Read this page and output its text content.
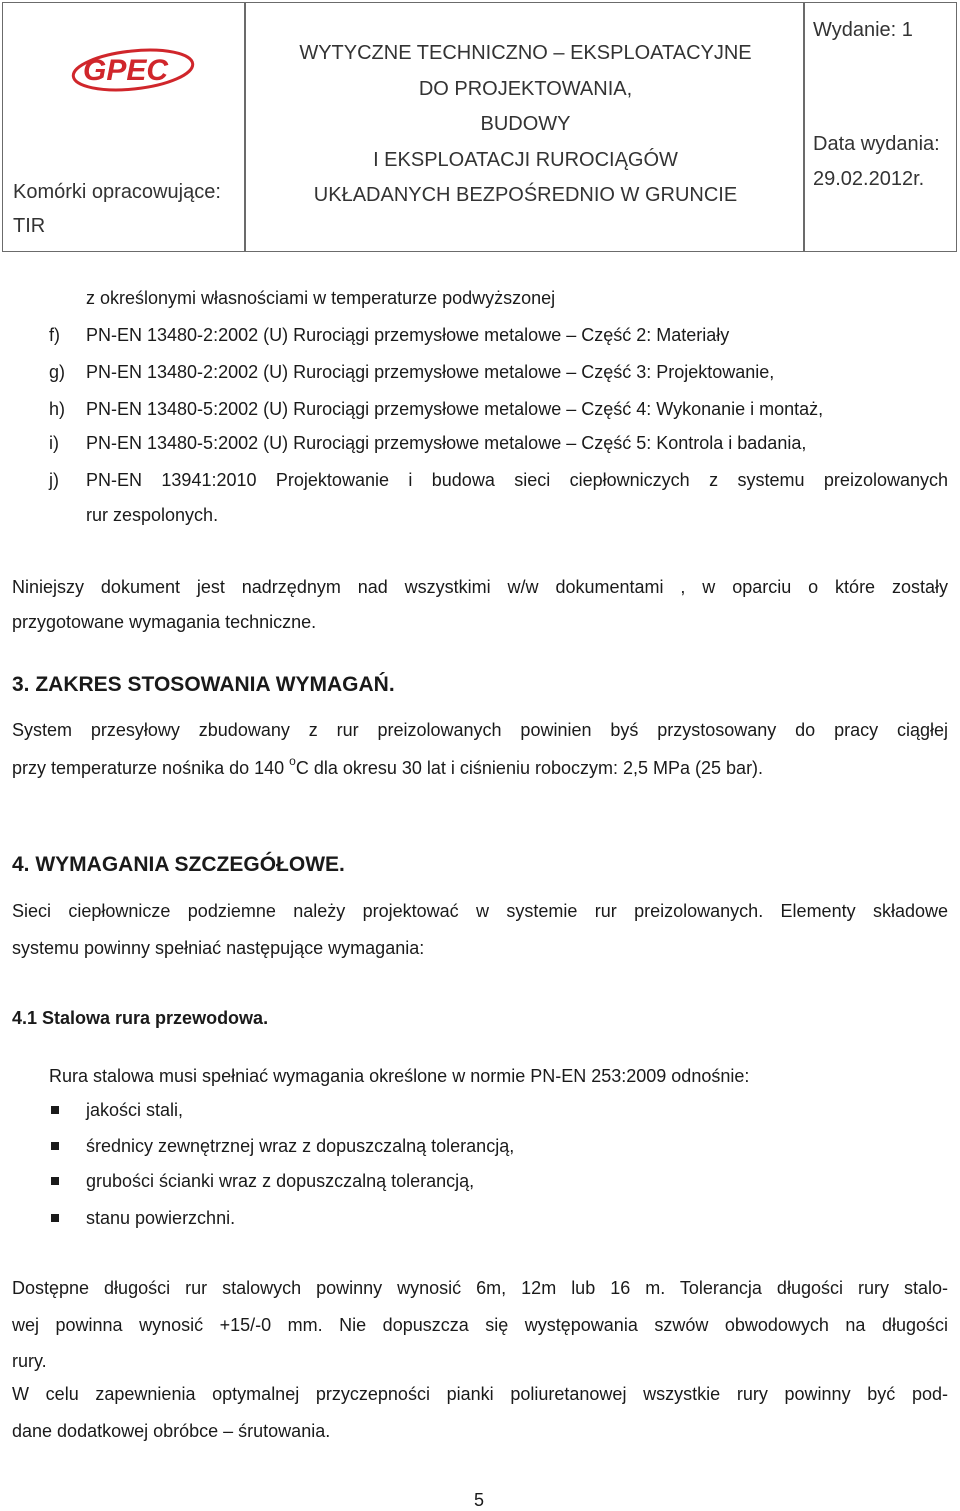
GPEC
Komórki opracowujące:
TIR
WYTYCZNE TECHNICZNO – EKSPLOATACYJNE
DO PROJEKTOWANIA,
BUDOWY
I EKSPLOATACJI RUROCIĄGÓW
UKŁADANYCH BEZPOŚREDNIO W GRUNCIE
Wydanie: 1
Data wydania:
29.02.2012r.
z określonymi własnościami w temperaturze podwyższonej
f) PN-EN 13480-2:2002 (U) Rurociągi przemysłowe metalowe – Część 2: Materiały
g) PN-EN 13480-2:2002 (U) Rurociągi przemysłowe metalowe – Część 3: Projektowanie,
h) PN-EN 13480-5:2002 (U) Rurociągi przemysłowe metalowe – Część 4: Wykonanie i montaż,
i) PN-EN 13480-5:2002 (U) Rurociągi przemysłowe metalowe – Część 5: Kontrola i badania,
j) PN-EN 13941:2010 Projektowanie i budowa sieci ciepłowniczych z systemu preizolowanych
rur zespolonych.
Niniejszy dokument jest nadrzędnym nad wszystkimi w/w dokumentami , w oparciu o które zostały
przygotowane wymagania techniczne.
3. ZAKRES STOSOWANIA WYMAGAŃ.
System przesyłowy zbudowany z rur preizolowanych powinien byś przystosowany do pracy ciągłej
przy temperaturze nośnika do 140 $^o$C dla okresu 30 lat i ciśnieniu roboczym: 2,5 MPa (25 bar).
4. WYMAGANIA SZCZEGÓŁOWE.
Sieci ciepłownicze podziemne należy projektować w systemie rur preizolowanych. Elementy składowe
systemu powinny spełniać następujące wymagania:
4.1 Stalowa rura przewodowa.
Rura stalowa musi spełniać wymagania określone w normie PN-EN 253:2009 odnośnie:
jakości stali,
średnicy zewnętrznej wraz z dopuszczalną tolerancją,
grubości ścianki wraz z dopuszczalną tolerancją,
stanu powierzchni.
Dostępne długości rur stalowych powinny wynosić 6m, 12m lub 16 m. Tolerancja długości rury stalo-
wej powinna wynosić +15/-0 mm. Nie dopuszcza się występowania szwów obwodowych na długości
rury.
W celu zapewnienia optymalnej przyczepności pianki poliuretanowej wszystkie rury powinny być pod-
dane dodatkowej obróbce – śrutowania.
5
